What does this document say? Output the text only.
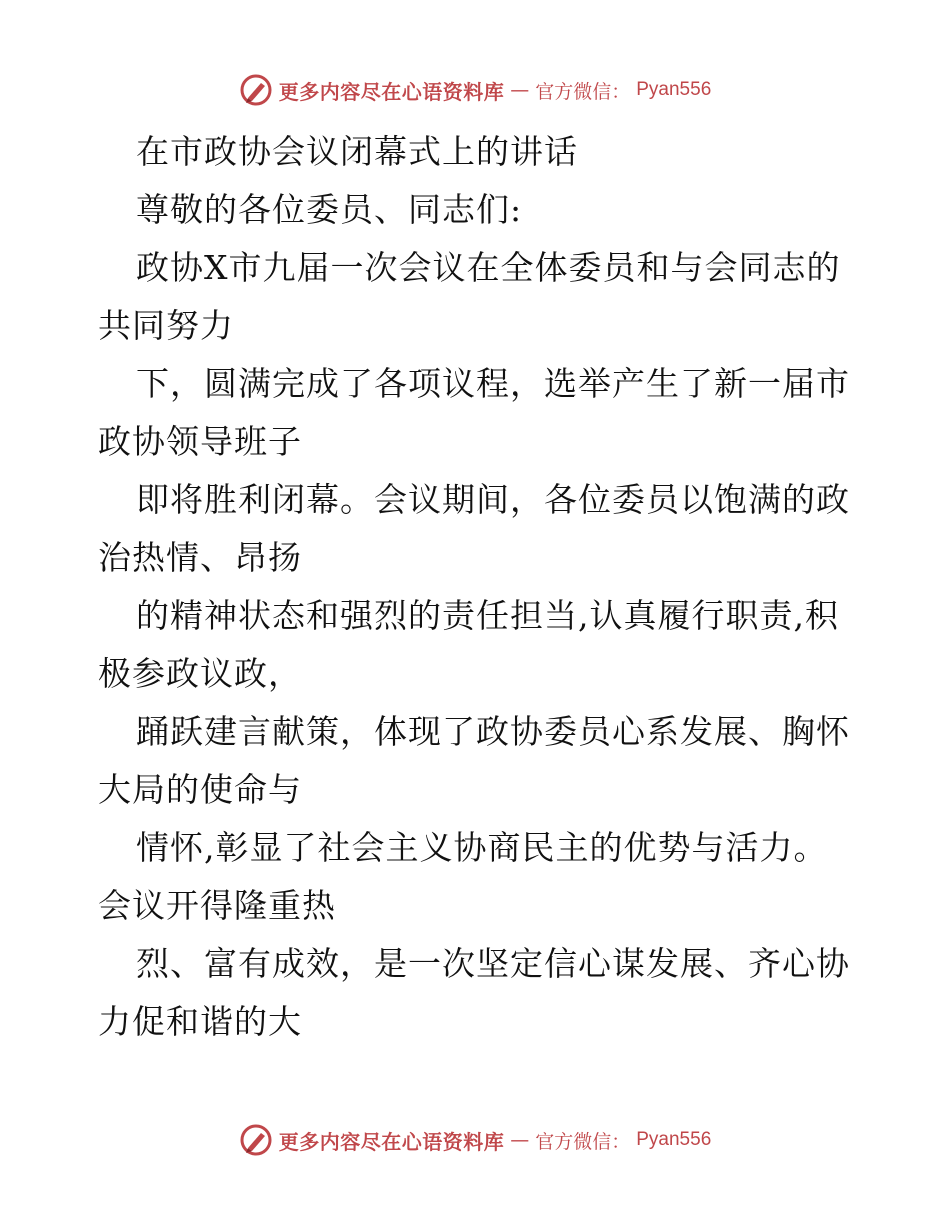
更多内容尽在心语资料库 — 官方微信： Pyan556
在市政协会议闭幕式上的讲话
尊敬的各位委员、同志们:
政协X市九届一次会议在全体委员和与会同志的
共同努力
下，圆满完成了各项议程，选举产生了新一届市
政协领导班子
即将胜利闭幕。会议期间，各位委员以饱满的政
治热情、昂扬
的精神状态和强烈的责任担当,认真履行职责,积
极参政议政，
踊跃建言献策，体现了政协委员心系发展、胸怀
大局的使命与
情怀,彰显了社会主义协商民主的优势与活力。
会议开得隆重热
烈、富有成效，是一次坚定信心谋发展、齐心协
力促和谐的大
更多内容尽在心语资料库 — 官方微信： Pyan556
